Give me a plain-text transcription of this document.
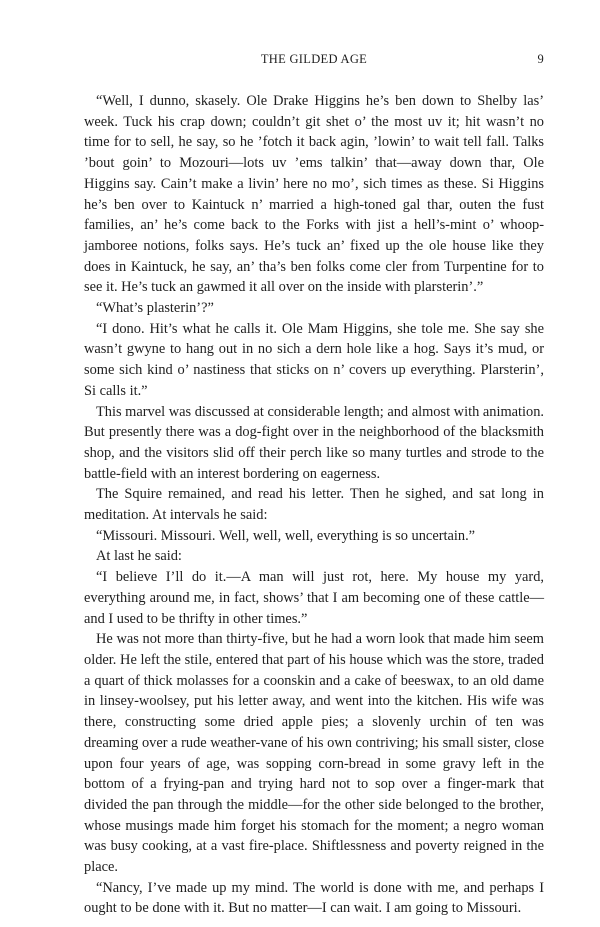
THE GILDED AGE	9

“Well, I dunno, skasely. Ole Drake Higgins he’s ben down to Shelby las’ week. Tuck his crap down; couldn’t git shet o’ the most uv it; hit wasn’t no time for to sell, he say, so he ’fotch it back agin, ’lowin’ to wait tell fall. Talks ’bout goin’ to Mozouri—lots uv ’ems talkin’ that—away down thar, Ole Higgins say. Cain’t make a livin’ here no mo’, sich times as these. Si Higgins he’s ben over to Kaintuck n’ married a high-toned gal thar, outen the fust families, an’ he’s come back to the Forks with jist a hell’s-mint o’ whoop-jamboree notions, folks says. He’s tuck an’ fixed up the ole house like they does in Kaintuck, he say, an’ tha’s ben folks come cler from Turpentine for to see it. He’s tuck an gawmed it all over on the inside with plarsterin’.”

“What’s plasterin’?”

“I dono. Hit’s what he calls it. Ole Mam Higgins, she tole me. She say she wasn’t gwyne to hang out in no sich a dern hole like a hog. Says it’s mud, or some sich kind o’ nastiness that sticks on n’ covers up everything. Plarsterin’, Si calls it.”

This marvel was discussed at considerable length; and almost with animation. But presently there was a dog-fight over in the neighborhood of the blacksmith shop, and the visitors slid off their perch like so many turtles and strode to the battle-field with an interest bordering on eagerness.

The Squire remained, and read his letter. Then he sighed, and sat long in meditation. At intervals he said:

“Missouri. Missouri. Well, well, well, everything is so uncertain.”

At last he said:

“I believe I’ll do it.—A man will just rot, here. My house my yard, everything around me, in fact, shows’ that I am becoming one of these cattle—and I used to be thrifty in other times.”

He was not more than thirty-five, but he had a worn look that made him seem older. He left the stile, entered that part of his house which was the store, traded a quart of thick molasses for a coonskin and a cake of beeswax, to an old dame in linsey-woolsey, put his letter away, and went into the kitchen. His wife was there, constructing some dried apple pies; a slovenly urchin of ten was dreaming over a rude weather-vane of his own contriving; his small sister, close upon four years of age, was sopping corn-bread in some gravy left in the bottom of a frying-pan and trying hard not to sop over a finger-mark that divided the pan through the middle—for the other side belonged to the brother, whose musings made him forget his stomach for the moment; a negro woman was busy cooking, at a vast fire-place. Shiftlessness and poverty reigned in the place.

“Nancy, I’ve made up my mind. The world is done with me, and perhaps I ought to be done with it. But no matter—I can wait. I am going to Missouri.
